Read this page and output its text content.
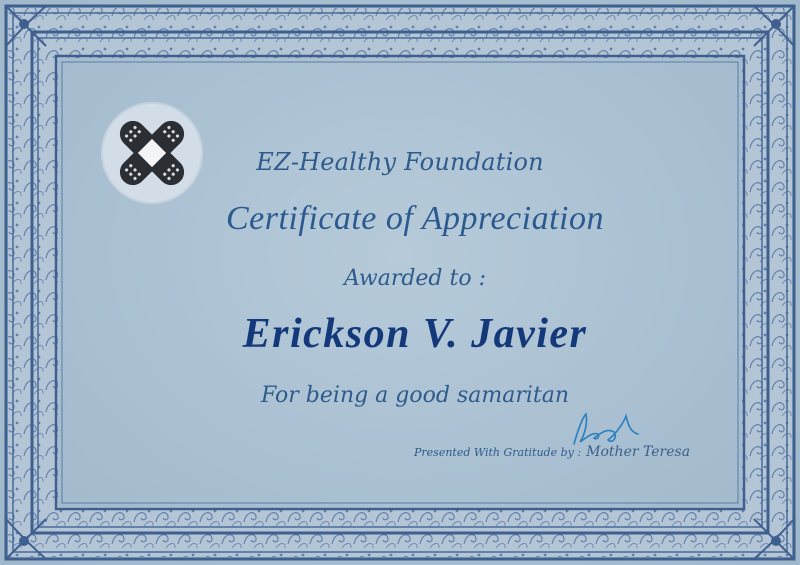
EZ-Healthy Foundation

Certificate of Appreciation

Awarded to :

Erickson V. Javier

For being a good samaritan

Presented With Gratitude by : Mother Teresa
